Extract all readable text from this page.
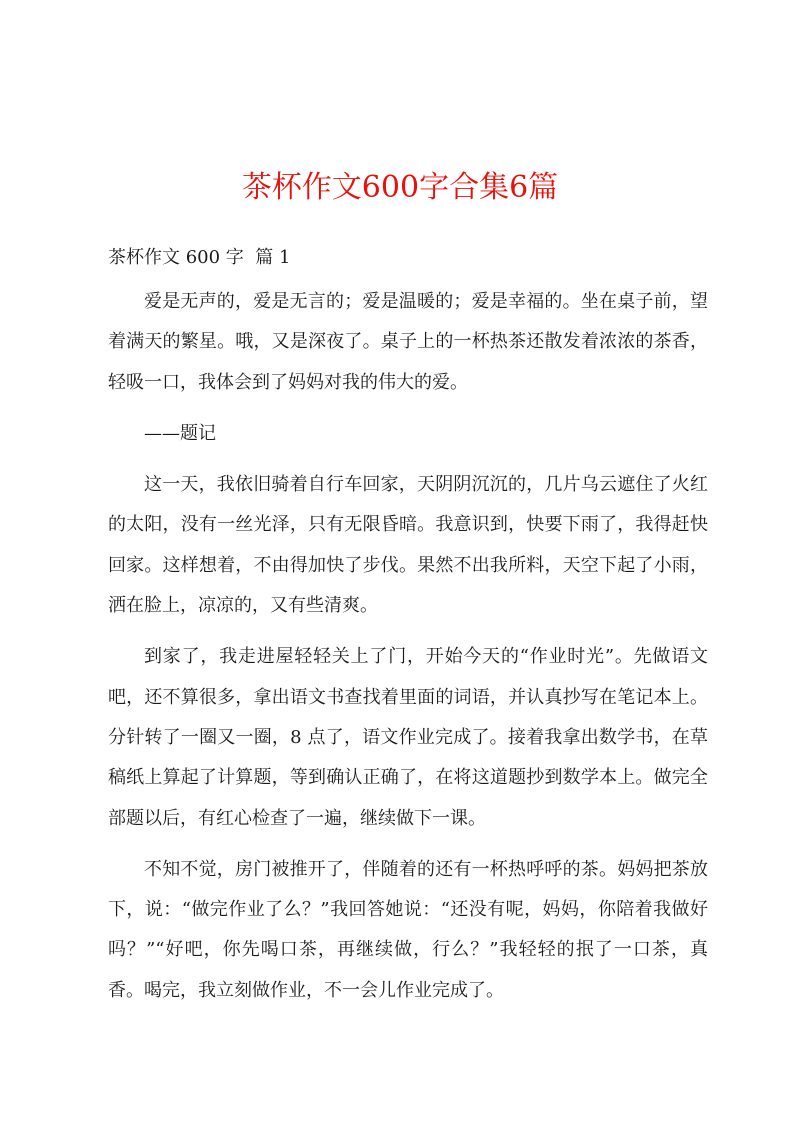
茶杯作文600字合集6篇

茶杯作文 600 字  篇 1

爱是无声的，爱是无言的；爱是温暖的；爱是幸福的。坐在桌子前，望着满天的繁星。哦，又是深夜了。桌子上的一杯热茶还散发着浓浓的茶香，轻吸一口，我体会到了妈妈对我的伟大的爱。

——题记

这一天，我依旧骑着自行车回家，天阴阴沉沉的，几片乌云遮住了火红的太阳，没有一丝光泽，只有无限昏暗。我意识到，快要下雨了，我得赶快回家。这样想着，不由得加快了步伐。果然不出我所料，天空下起了小雨，洒在脸上，凉凉的，又有些清爽。

到家了，我走进屋轻轻关上了门，开始今天的“作业时光”。先做语文吧，还不算很多，拿出语文书查找着里面的词语，并认真抄写在笔记本上。分针转了一圈又一圈，8 点了，语文作业完成了。接着我拿出数学书，在草稿纸上算起了计算题，等到确认正确了，在将这道题抄到数学本上。做完全部题以后，有红心检查了一遍，继续做下一课。

不知不觉，房门被推开了，伴随着的还有一杯热呼呼的茶。妈妈把茶放下，说：“做完作业了么？”我回答她说：“还没有呢，妈妈，你陪着我做好吗？”“好吧，你先喝口茶，再继续做，行么？”我轻轻的抿了一口茶，真香。喝完，我立刻做作业，不一会儿作业完成了。
